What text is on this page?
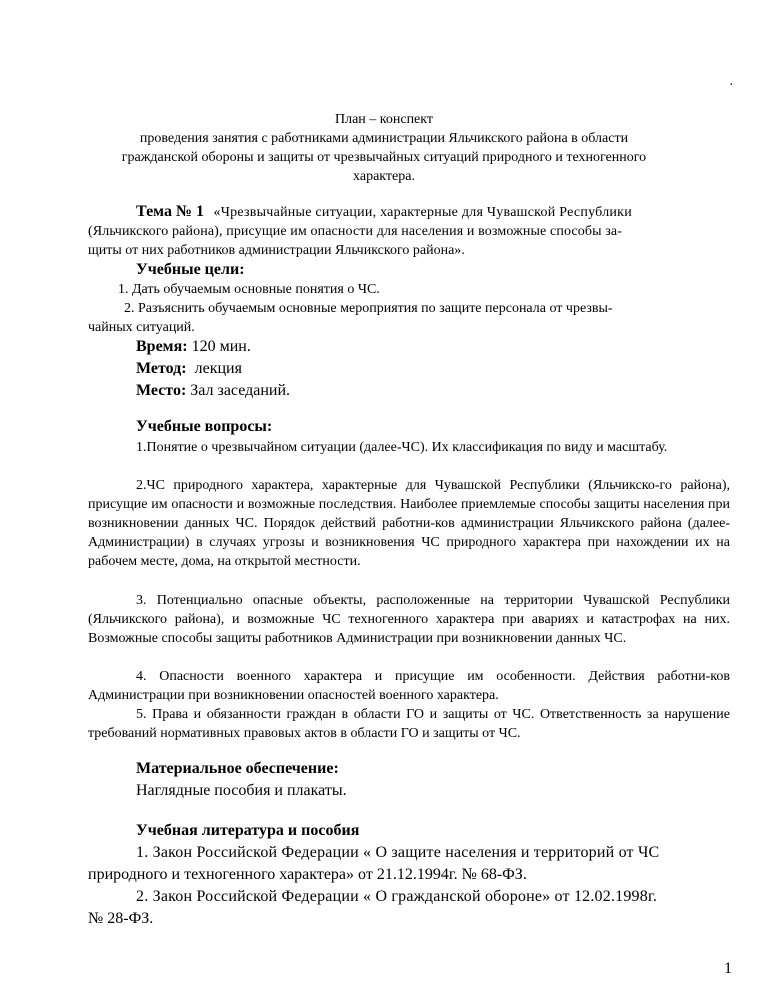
.
План – конспект
проведения занятия с работниками администрации Яльчикского района в области
гражданской обороны и защиты от чрезвычайных ситуаций природного и техногенного
характера.
Тема № 1 «Чрезвычайные ситуации, характерные для Чувашской Республики
(Яльчикского района), присущие им опасности для населения и возможные способы за-
щиты от них работников администрации Яльчикского района».
Учебные цели:
1. Дать обучаемым основные понятия о ЧС.
2. Разъяснить обучаемым основные мероприятия по защите персонала от чрезвы-
чайных ситуаций.
Время: 120 мин.
Метод: лекция
Место: Зал заседаний.
Учебные вопросы:
1.Понятие о чрезвычайном ситуации (далее-ЧС). Их классификация по виду и масштабу.
2.ЧС природного характера, характерные для Чувашской Республики (Яльчикско-го района), присущие им опасности и возможные последствия. Наиболее приемлемые способы защиты населения при возникновении данных ЧС. Порядок действий работни-ков администрации Яльчикского района (далее- Администрации) в случаях угрозы и возникновения ЧС природного характера при нахождении их на рабочем месте, дома, на открытой местности.
3. Потенциально опасные объекты, расположенные на территории Чувашской Республики (Яльчикского района), и возможные ЧС техногенного характера при авариях и катастрофах на них. Возможные способы защиты работников Администрации при возникновении данных ЧС.
4. Опасности военного характера и присущие им особенности. Действия работни-ков Администрации при возникновении опасностей военного характера.
5. Права и обязанности граждан в области ГО и защиты от ЧС. Ответственность за нарушение требований нормативных правовых актов в области ГО и защиты от ЧС.
Материальное обеспечение:
Наглядные пособия и плакаты.
Учебная литература и пособия
1. Закон Российской Федерации « О защите населения и территорий от ЧС
природного и техногенного характера» от 21.12.1994г. № 68-ФЗ.
2. Закон Российской Федерации « О гражданской обороне» от 12.02.1998г.
№ 28-ФЗ.
1
